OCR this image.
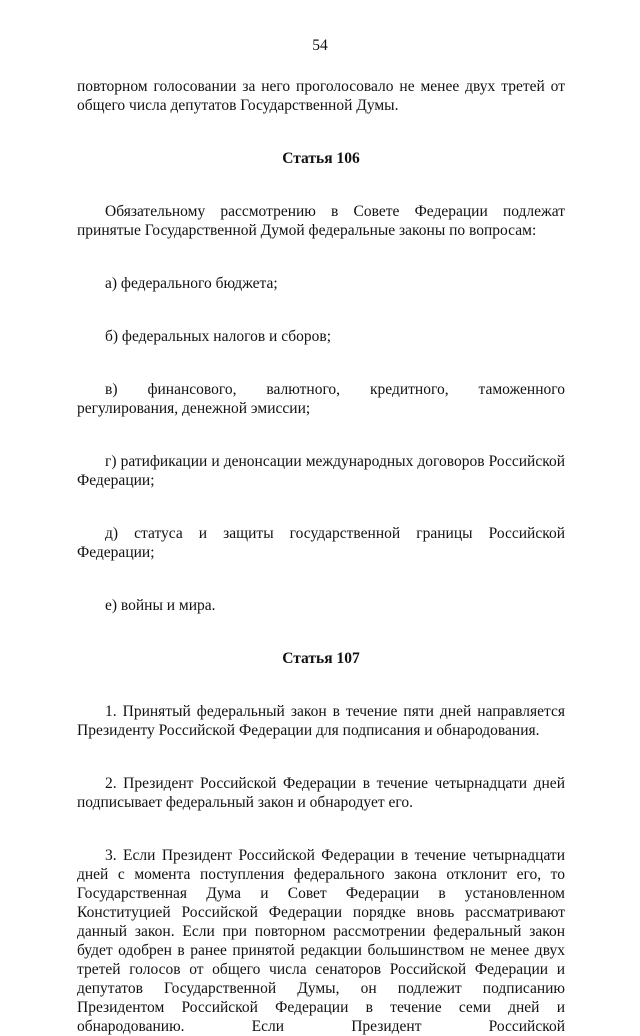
54

повторном голосовании за него проголосовало не менее двух третей от общего числа депутатов Государственной Думы.

Статья 106

Обязательному рассмотрению в Совете Федерации подлежат принятые Государственной Думой федеральные законы по вопросам:

а) федерального бюджета;

б) федеральных налогов и сборов;

в) финансового, валютного, кредитного, таможенного регулирования, денежной эмиссии;

г) ратификации и денонсации международных договоров Российской Федерации;

д) статуса и защиты государственной границы Российской Федерации;

е) войны и мира.

Статья 107

1. Принятый федеральный закон в течение пяти дней направляется Президенту Российской Федерации для подписания и обнародования.

2. Президент Российской Федерации в течение четырнадцати дней подписывает федеральный закон и обнародует его.

3. Если Президент Российской Федерации в течение четырнадцати дней с момента поступления федерального закона отклонит его, то Государственная Дума и Совет Федерации в установленном Конституцией Российской Федерации порядке вновь рассматривают данный закон. Если при повторном рассмотрении федеральный закон будет одобрен в ранее принятой редакции большинством не менее двух третей голосов от общего числа сенаторов Российской Федерации и депутатов Государственной Думы, он подлежит подписанию Президентом Российской Федерации в течение семи дней и обнародованию. Если Президент Российской
